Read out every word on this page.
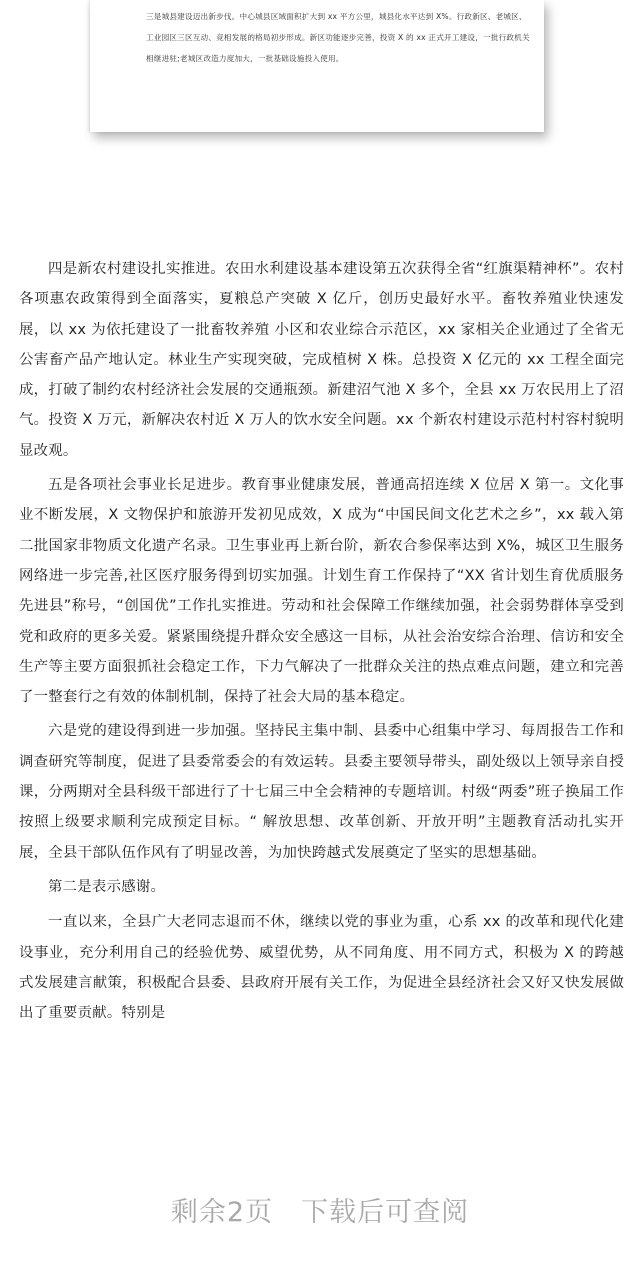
三是城县建设迈出新步伐。中心城县区域面积扩大到 xx 平方公里，城县化水平达到 X%。行政新区、老城区、工业园区三区互动、竞相发展的格局初步形成。新区功能逐步完善，投资 X 的 xx 正式开工建设，一批行政机关相继进驻;老城区改造力度加大，一批基础设施投入使用。

四是新农村建设扎实推进。农田水利建设基本建设第五次获得全省“红旗渠精神杯”。农村各项惠农政策得到全面落实，夏粮总产突破 X 亿斤，创历史最好水平。畜牧养殖业快速发展，以 xx 为依托建设了一批畜牧养殖 小区和农业综合示范区，xx 家相关企业通过了全省无公害畜产品产地认定。林业生产实现突破，完成植树 X 株。总投资 X 亿元的 xx 工程全面完成，打破了制约农村经济社会发展的交通瓶颈。新建沼气池 X 多个，全县 xx 万农民用上了沼气。投资 X 万元，新解决农村近 X 万人的饮水安全问题。xx 个新农村建设示范村村容村貌明显改观。

五是各项社会事业长足进步。教育事业健康发展，普通高招连续 X 位居 X 第一。文化事业不断发展，X 文物保护和旅游开发初见成效，X 成为“中国民间文化艺术之乡”，xx 载入第二批国家非物质文化遗产名录。卫生事业再上新台阶，新农合参保率达到 X%，城区卫生服务网络进一步完善,社区医疗服务得到切实加强。计划生育工作保持了“XX 省计划生育优质服务先进县”称号，“创国优”工作扎实推进。劳动和社会保障工作继续加强，社会弱势群体享受到党和政府的更多关爱。紧紧围绕提升群众安全感这一目标，从社会治安综合治理、信访和安全生产等主要方面狠抓社会稳定工作，下力气解决了一批群众关注的热点难点问题，建立和完善了一整套行之有效的体制机制，保持了社会大局的基本稳定。

六是党的建设得到进一步加强。坚持民主集中制、县委中心组集中学习、每周报告工作和调查研究等制度，促进了县委常委会的有效运转。县委主要领导带头，副处级以上领导亲自授课，分两期对全县科级干部进行了十七届三中全会精神的专题培训。村级“两委”班子换届工作按照上级要求顺利完成预定目标。“ 解放思想、改革创新、开放开明”主题教育活动扎实开展，全县干部队伍作风有了明显改善，为加快跨越式发展奠定了坚实的思想基础。

第二是表示感谢。

一直以来，全县广大老同志退而不休，继续以党的事业为重，心系 xx 的改革和现代化建设事业，充分利用自己的经验优势、威望优势，从不同角度、用不同方式，积极为 X 的跨越式发展建言献策，积极配合县委、县政府开展有关工作，为促进全县经济社会又好又快发展做出了重要贡献。特别是

剩余2页 下载后可查阅
